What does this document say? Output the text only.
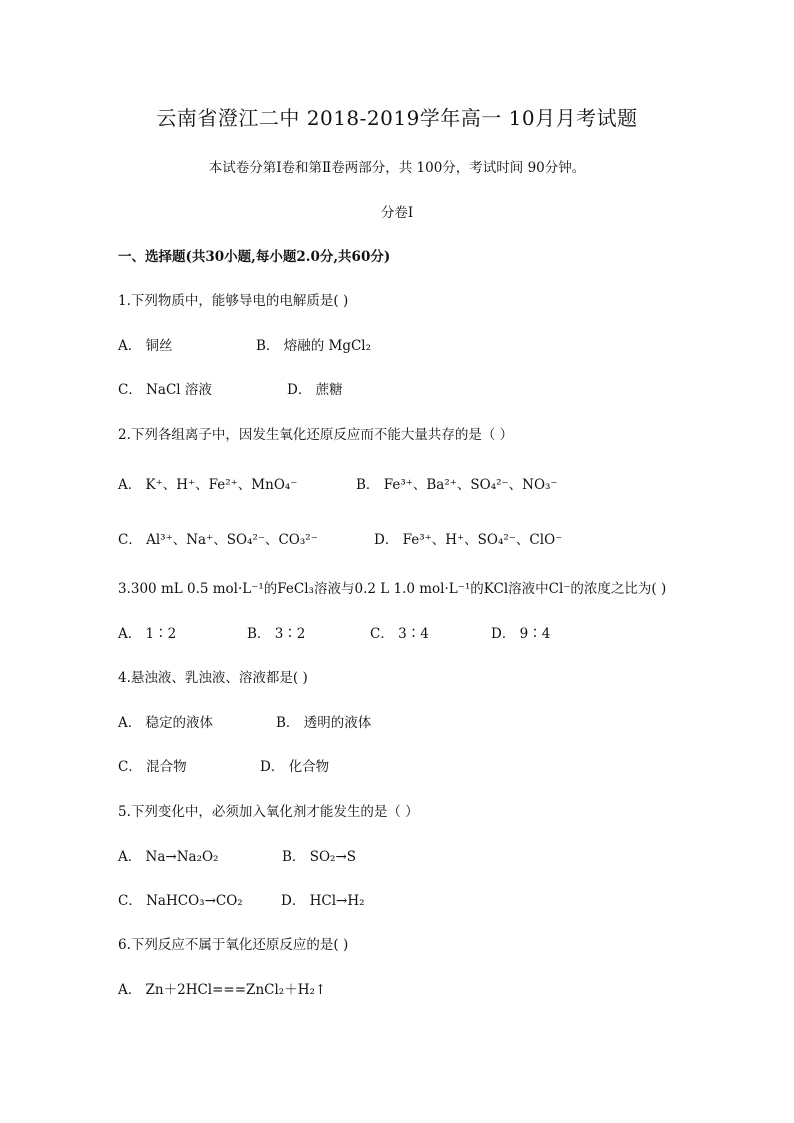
云南省澄江二中 2018-2019学年高一 10月月考试题
本试卷分第Ⅰ卷和第Ⅱ卷两部分，共 100分，考试时间 90分钟。
分卷Ⅰ
一、选择题(共30小题,每小题2.0分,共60分)
1.下列物质中，能够导电的电解质是( )
A． 铜丝	B． 熔融的 MgCl₂
C． NaCl 溶液	D． 蔗糖
2.下列各组离子中，因发生氧化还原反应而不能大量共存的是（ ）
A． K⁺、H⁺、Fe²⁺、MnO₄⁻	B． Fe³⁺、Ba²⁺、SO₄²⁻、NO₃⁻
C． Al³⁺、Na⁺、SO₄²⁻、CO₃²⁻	D． Fe³⁺、H⁺、SO₄²⁻、ClO⁻
3.300 mL 0.5 mol·L⁻¹的FeCl₃溶液与0.2 L 1.0 mol·L⁻¹的KCl溶液中Cl⁻的浓度之比为( )
A． 1∶2	B． 3∶2	C． 3∶4	D． 9∶4
4.悬浊液、乳浊液、溶液都是( )
A． 稳定的液体	B． 透明的液体
C． 混合物	D． 化合物
5.下列变化中，必须加入氧化剂才能发生的是（ ）
A． Na→Na₂O₂	B． SO₂→S
C． NaHCO₃→CO₂	D． HCl→H₂
6.下列反应不属于氧化还原反应的是( )
A． Zn＋2HCl===ZnCl₂＋H₂↑
